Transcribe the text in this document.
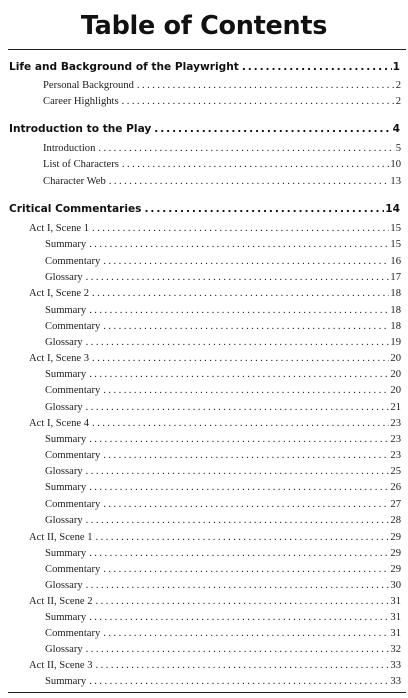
Table of Contents
Life and Background of the Playwright .....	1
Personal Background .....	2
Career Highlights .....	2
Introduction to the Play .....	4
Introduction .....	5
List of Characters .....	10
Character Web .....	13
Critical Commentaries .....	14
Act I, Scene 1 .....	15
Summary .....	15
Commentary .....	16
Glossary .....	17
Act I, Scene 2 .....	18
Summary .....	18
Commentary .....	18
Glossary .....	19
Act I, Scene 3 .....	20
Summary .....	20
Commentary .....	20
Glossary .....	21
Act I, Scene 4 .....	23
Summary .....	23
Commentary .....	23
Glossary .....	25
Summary .....	26
Commentary .....	27
Glossary .....	28
Act II, Scene 1 .....	29
Summary .....	29
Commentary .....	29
Glossary .....	30
Act II, Scene 2 .....	31
Summary .....	31
Commentary .....	31
Glossary .....	32
Act II, Scene 3 .....	33
Summary .....	33
